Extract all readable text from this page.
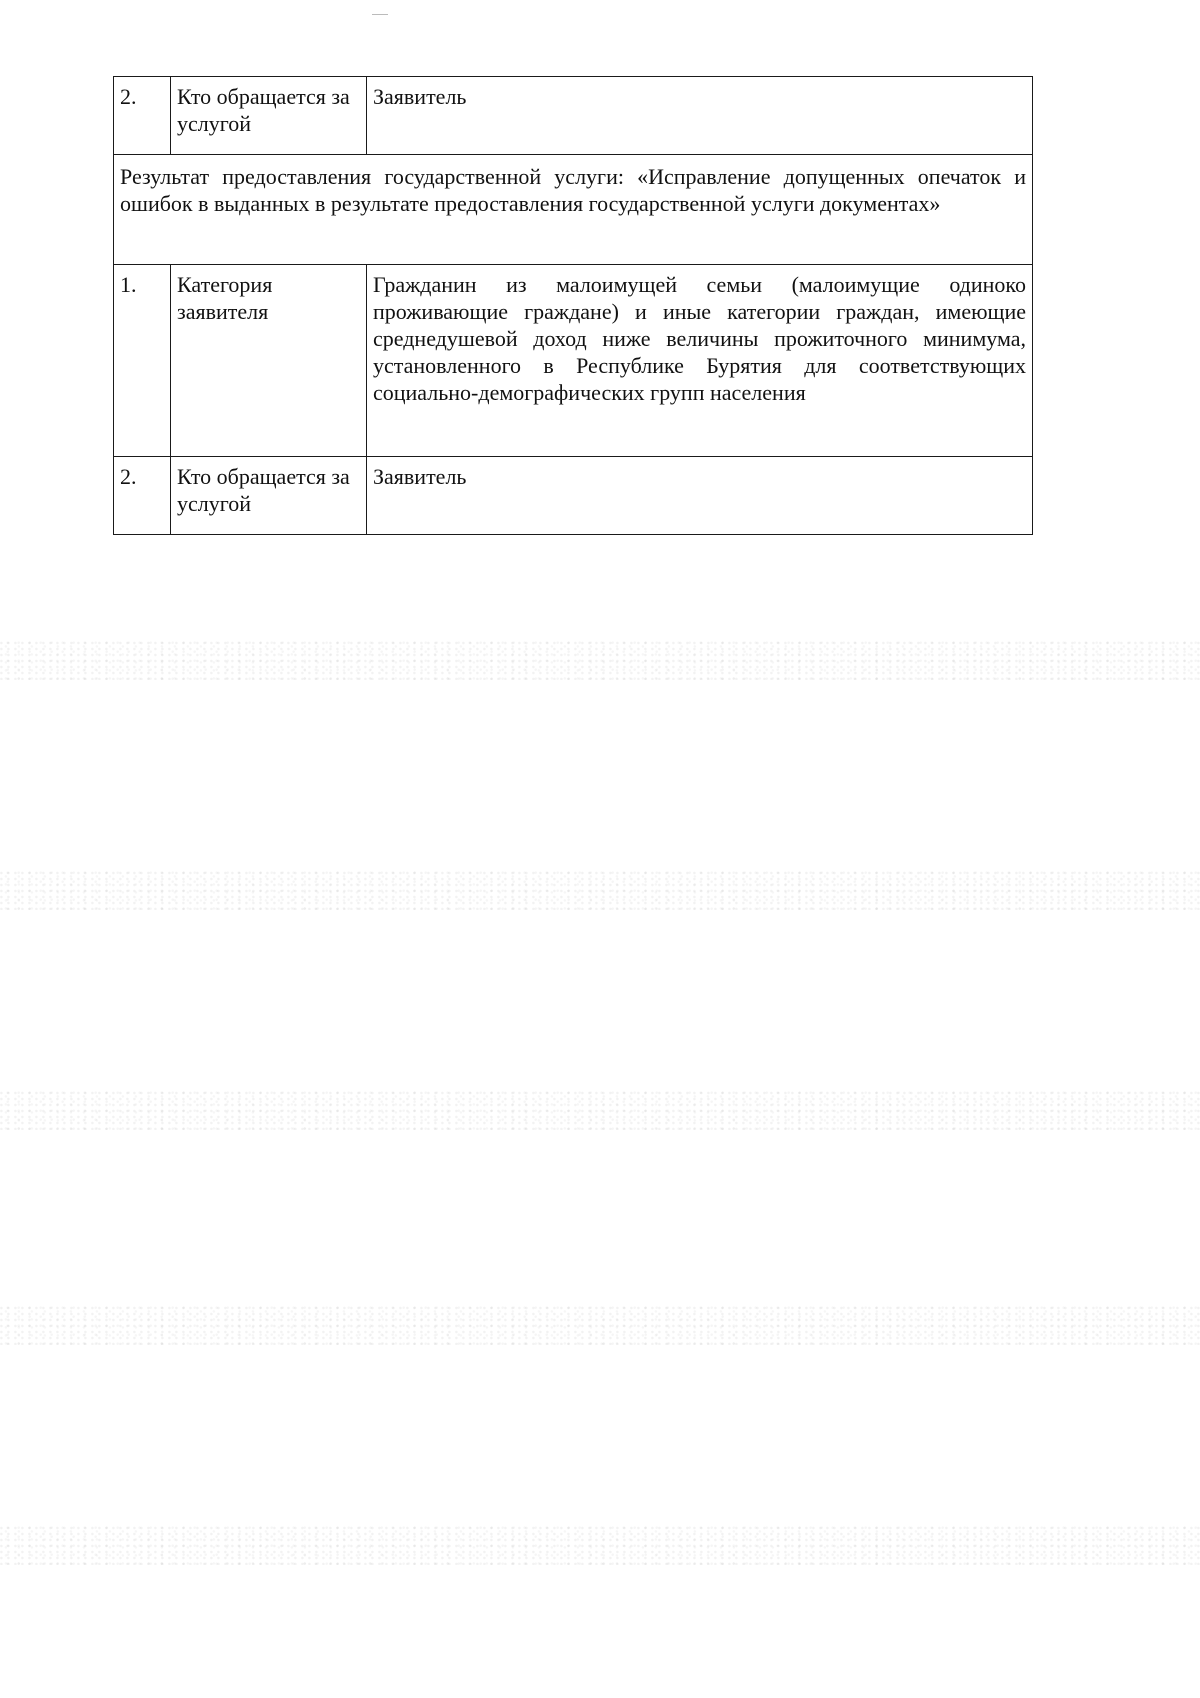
2.	Кто обращается за услугой	Заявитель
Результат предоставления государственной услуги: «Исправление допущенных опечаток и ошибок в выданных в результате предоставления государственной услуги документах»		
1.	Категория заявителя	Гражданин из малоимущей семьи (малоимущие одиноко проживающие граждане) и иные категории граждан, имеющие среднедушевой доход ниже величины прожиточного минимума, установленного в Республике Бурятия для соответствующих социально-демографических групп населения
2.	Кто обращается за услугой	Заявитель
